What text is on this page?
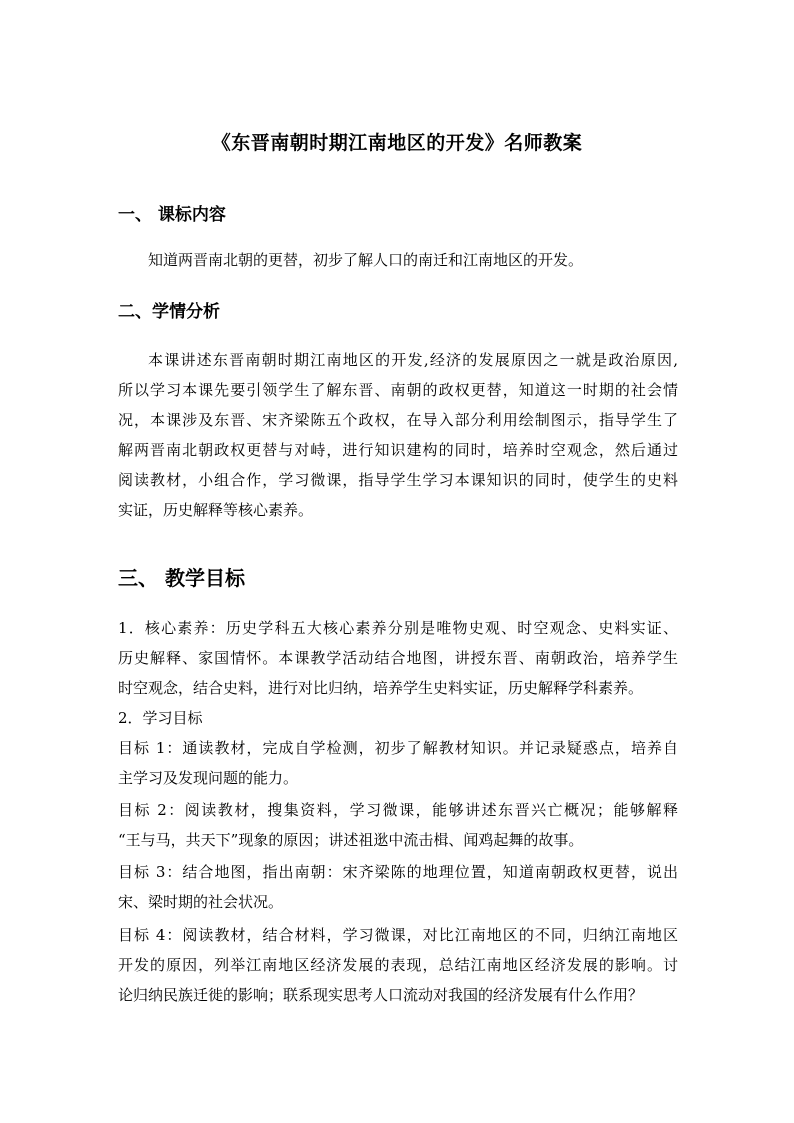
《东晋南朝时期江南地区的开发》名师教案
一、 课标内容
知道两晋南北朝的更替，初步了解人口的南迁和江南地区的开发。
二、学情分析
本课讲述东晋南朝时期江南地区的开发,经济的发展原因之一就是政治原因,
所以学习本课先要引领学生了解东晋、南朝的政权更替，知道这一时期的社会情
况，本课涉及东晋、宋齐梁陈五个政权，在导入部分利用绘制图示，指导学生了
解两晋南北朝政权更替与对峙，进行知识建构的同时，培养时空观念，然后通过
阅读教材，小组合作，学习微课，指导学生学习本课知识的同时，使学生的史料
实证，历史解释等核心素养。
三、 教学目标
1．核心素养：历史学科五大核心素养分别是唯物史观、时空观念、史料实证、
历史解释、家国情怀。本课教学活动结合地图，讲授东晋、南朝政治，培养学生
时空观念，结合史料，进行对比归纳，培养学生史料实证，历史解释学科素养。
2．学习目标
目标 1：通读教材，完成自学检测，初步了解教材知识。并记录疑惑点，培养自
主学习及发现问题的能力。
目标 2：阅读教材，搜集资料，学习微课，能够讲述东晋兴亡概况；能够解释
“王与马，共天下”现象的原因；讲述祖逖中流击楫、闻鸡起舞的故事。
目标 3：结合地图，指出南朝：宋齐梁陈的地理位置，知道南朝政权更替，说出
宋、梁时期的社会状况。
目标 4：阅读教材，结合材料，学习微课，对比江南地区的不同，归纳江南地区
开发的原因，列举江南地区经济发展的表现，总结江南地区经济发展的影响。讨
论归纳民族迁徙的影响；联系现实思考人口流动对我国的经济发展有什么作用？
